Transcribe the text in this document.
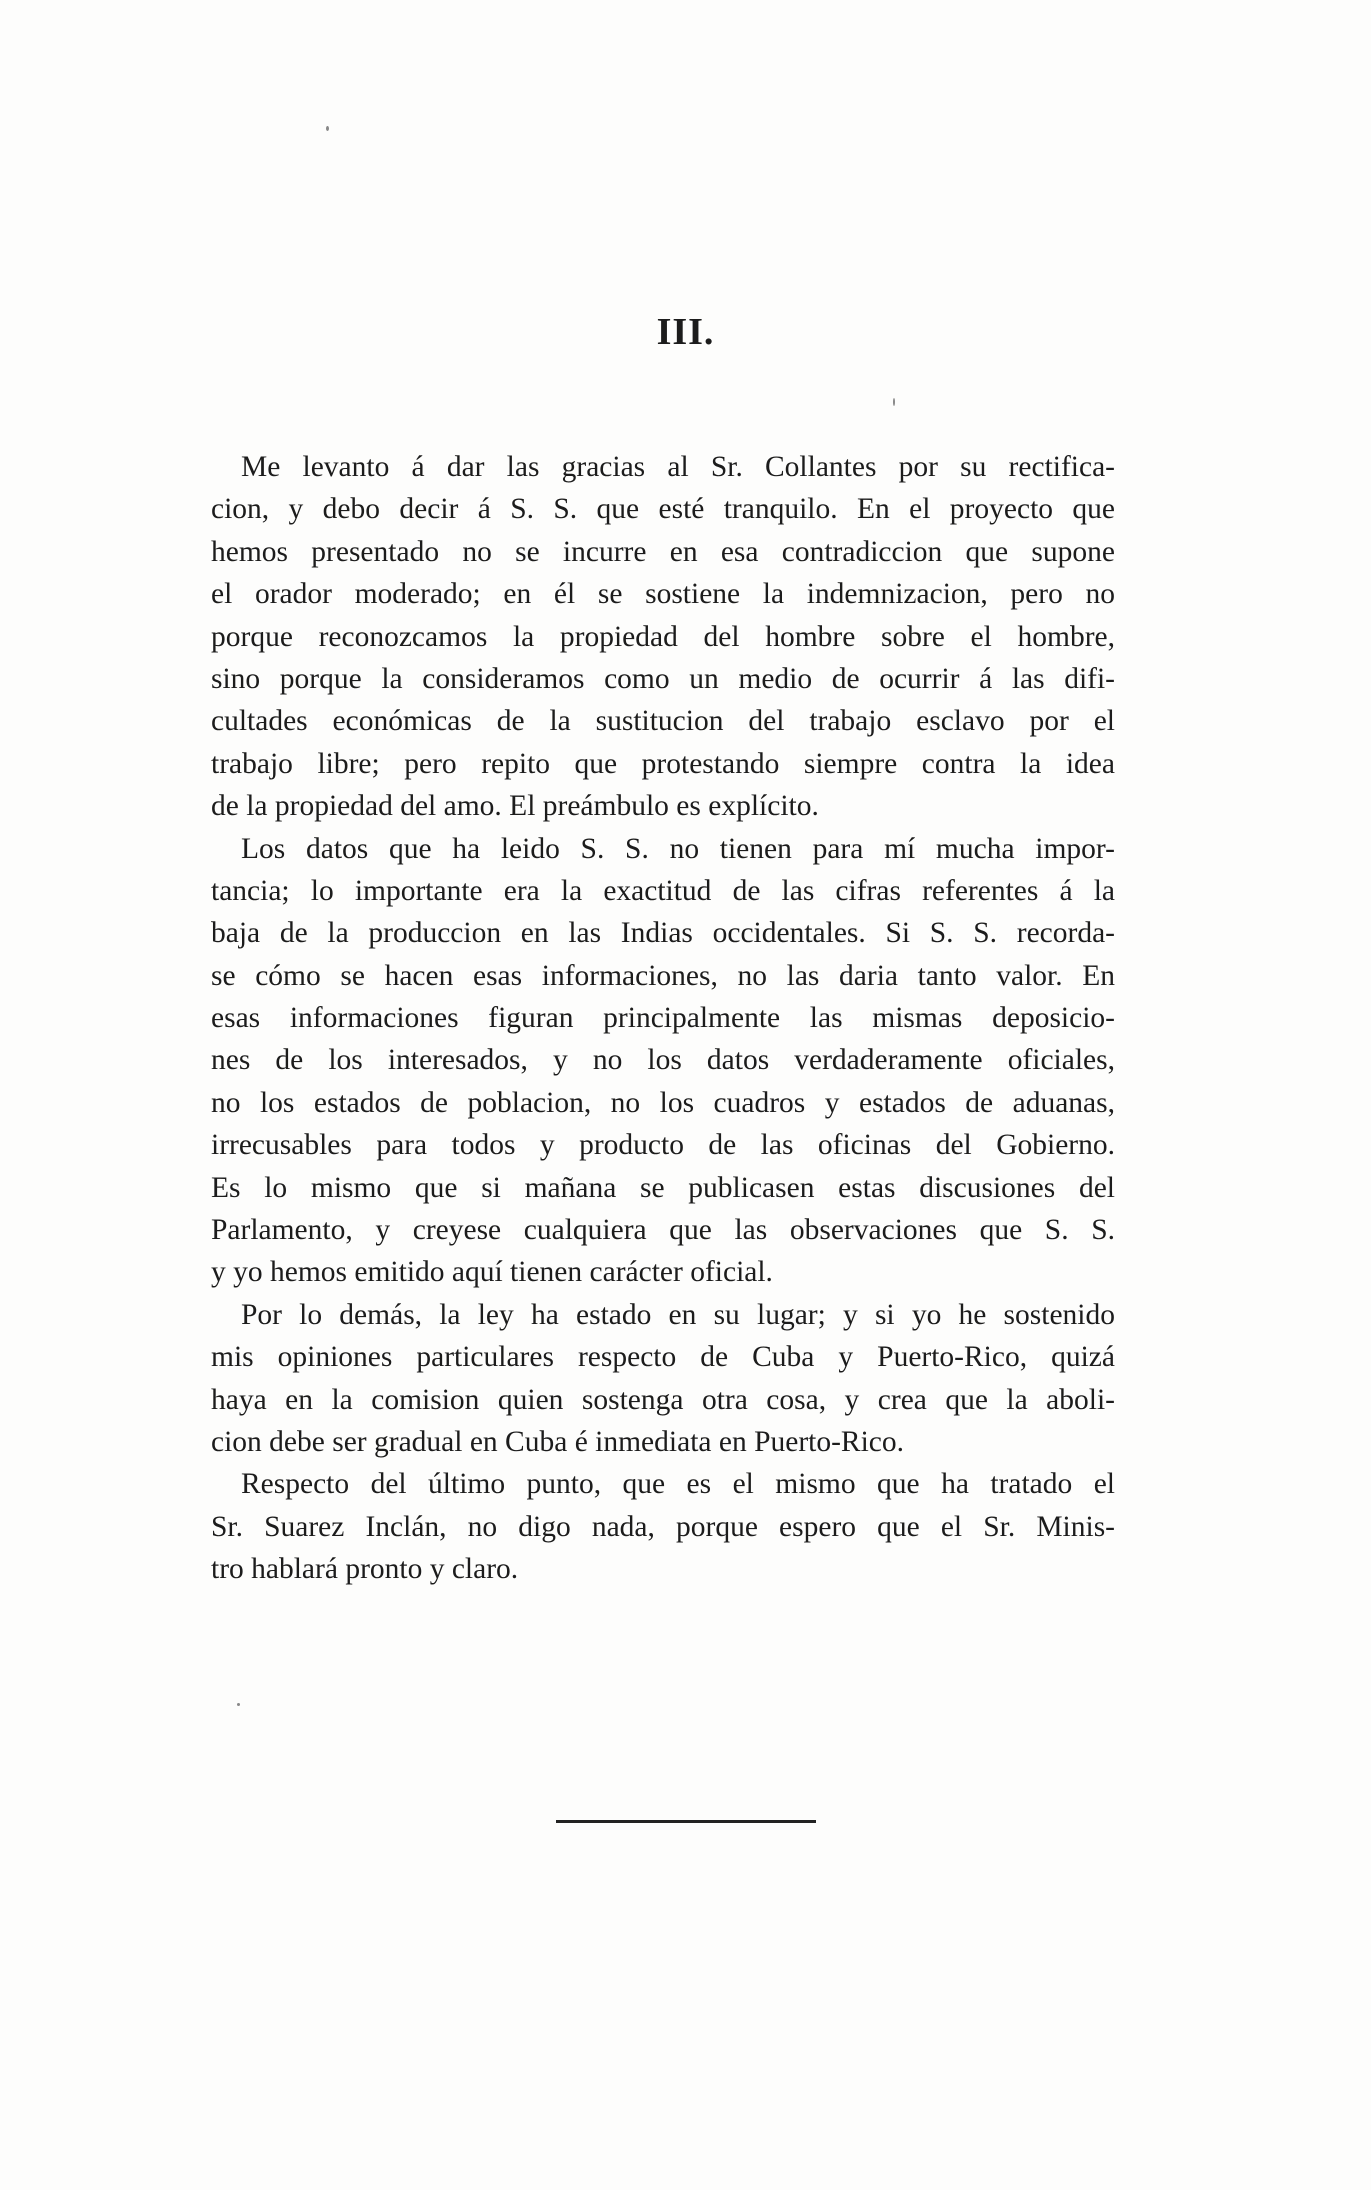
III.
Me levanto á dar las gracias al Sr. Collantes por su rectifica-
cion, y debo decir á S. S. que esté tranquilo. En el proyecto que
hemos presentado no se incurre en esa contradiccion que supone
el orador moderado; en él se sostiene la indemnizacion, pero no
porque reconozcamos la propiedad del hombre sobre el hombre,
sino porque la consideramos como un medio de ocurrir á las difi-
cultades económicas de la sustitucion del trabajo esclavo por el
trabajo libre; pero repito que protestando siempre contra la idea
de la propiedad del amo. El preámbulo es explícito.
Los datos que ha leido S. S. no tienen para mí mucha impor-
tancia; lo importante era la exactitud de las cifras referentes á la
baja de la produccion en las Indias occidentales. Si S. S. recorda-
se cómo se hacen esas informaciones, no las daria tanto valor. En
esas informaciones figuran principalmente las mismas deposicio-
nes de los interesados, y no los datos verdaderamente oficiales,
no los estados de poblacion, no los cuadros y estados de aduanas,
irrecusables para todos y producto de las oficinas del Gobierno.
Es lo mismo que si mañana se publicasen estas discusiones del
Parlamento, y creyese cualquiera que las observaciones que S. S.
y yo hemos emitido aquí tienen carácter oficial.
Por lo demás, la ley ha estado en su lugar; y si yo he sostenido
mis opiniones particulares respecto de Cuba y Puerto-Rico, quizá
haya en la comision quien sostenga otra cosa, y crea que la aboli-
cion debe ser gradual en Cuba é inmediata en Puerto-Rico.
Respecto del último punto, que es el mismo que ha tratado el
Sr. Suarez Inclán, no digo nada, porque espero que el Sr. Minis-
tro hablará pronto y claro.
